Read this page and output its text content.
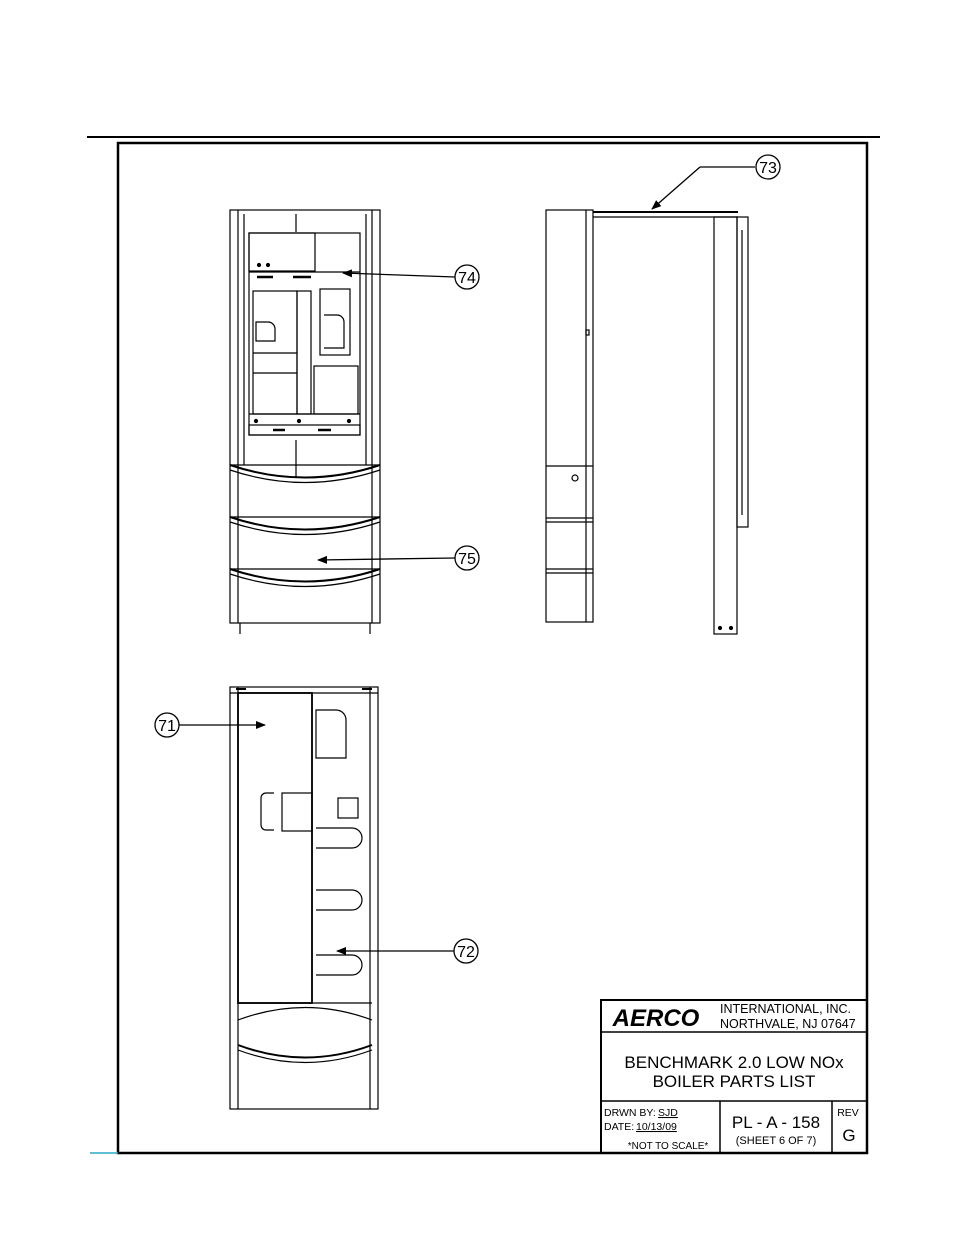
73
74
75
71
72
AERCO INTERNATIONAL, INC.
NORTHVALE, NJ 07647
BENCHMARK 2.0 LOW NOx
BOILER PARTS LIST
DRWN BY: SJD
DATE: 10/13/09
*NOT TO SCALE*
PL - A - 158
(SHEET 6 OF 7)
REV
G
